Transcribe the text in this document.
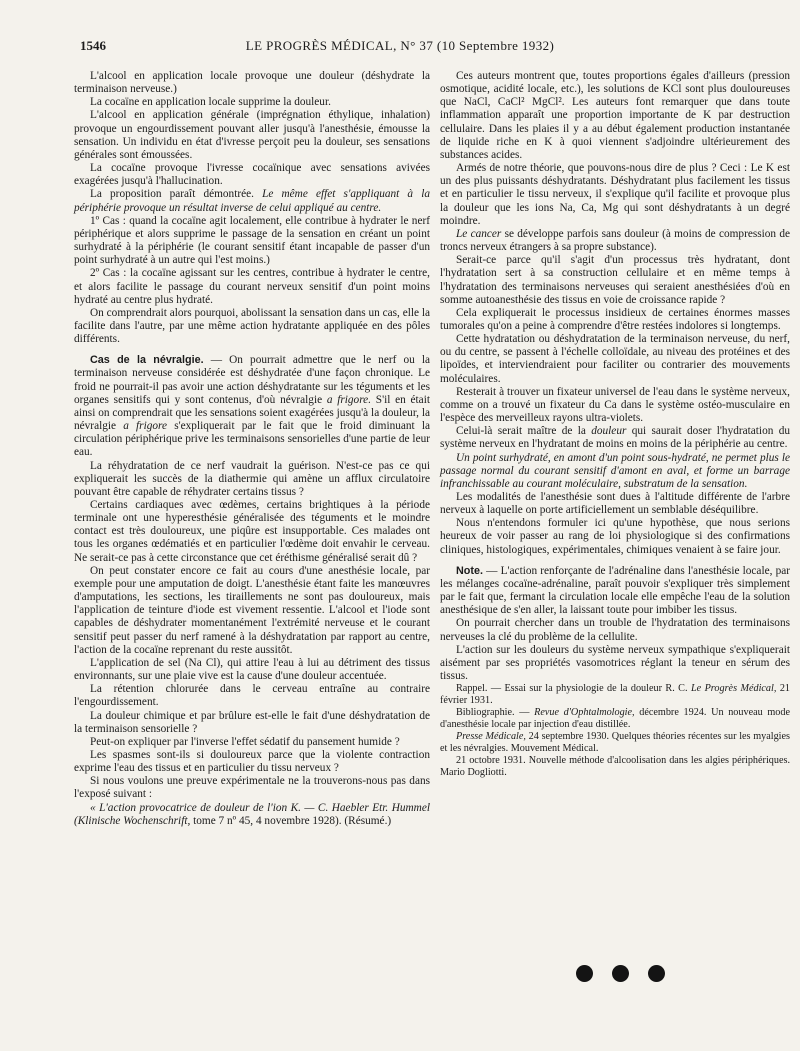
1546	LE PROGRÈS MÉDICAL, N° 37 (10 Septembre 1932)

L'alcool en application locale provoque une douleur (déshydrate la terminaison nerveuse.)

La cocaïne en application locale supprime la douleur.

L'alcool en application générale (imprégnation éthylique, inhalation) provoque un engourdissement pouvant aller jusqu'à l'anesthésie, émousse la sensation. Un individu en état d'ivresse perçoit peu la douleur, ses sensations générales sont émoussées.

La cocaïne provoque l'ivresse cocaïnique avec sensations avivées exagérées jusqu'à l'hallucination.

La proposition paraît démontrée. Le même effet s'appliquant à la périphérie provoque un résultat inverse de celui appliqué au centre.

1º Cas : quand la cocaïne agit localement, elle contribue à hydrater le nerf périphérique et alors supprime le passage de la sensation en créant un point surhydraté à la périphérie (le courant sensitif étant incapable de passer d'un point surhydraté à un autre qui l'est moins.)

2º Cas : la cocaïne agissant sur les centres, contribue à hydrater le centre, et alors facilite le passage du courant nerveux sensitif d'un point moins hydraté au centre plus hydraté.

On comprendrait alors pourquoi, abolissant la sensation dans un cas, elle la facilite dans l'autre, par une même action hydratante appliquée en des pôles différents.

Cas de la névralgie. — On pourrait admettre que le nerf ou la terminaison nerveuse considérée est déshydratée d'une façon chronique. Le froid ne pourrait-il pas avoir une action déshydratante sur les téguments et les organes sensitifs qui y sont contenus, d'où névralgie a frigore. S'il en était ainsi on comprendrait que les sensations soient exagérées jusqu'à la douleur, la névralgie a frigore s'expliquerait par le fait que le froid diminuant la circulation périphérique prive les terminaisons sensorielles d'une partie de leur eau.

La réhydratation de ce nerf vaudrait la guérison. N'est-ce pas ce qui expliquerait les succès de la diathermie qui amène un afflux circulatoire pouvant être capable de réhydrater certains tissus ?

Certains cardiaques avec œdèmes, certains brightiques à la période terminale ont une hyperesthésie généralisée des téguments et le moindre contact est très douloureux, une piqûre est insupportable. Ces malades ont tous les organes œdématiés et en particulier l'œdème doit envahir le cerveau. Ne serait-ce pas à cette circonstance que cet éréthisme généralisé serait dû ?

On peut constater encore ce fait au cours d'une anesthésie locale, par exemple pour une amputation de doigt. L'anesthésie étant faite les manœuvres d'amputations, les sections, les tiraillements ne sont pas douloureux, mais l'application de teinture d'iode est vivement ressentie. L'alcool et l'iode sont capables de déshydrater momentanément l'extrémité nerveuse et le courant sensitif peut passer du nerf ramené à la déshydratation par rapport au centre, l'action de la cocaïne reprenant du reste aussitôt.

L'application de sel (Na Cl), qui attire l'eau à lui au détriment des tissus environnants, sur une plaie vive est la cause d'une douleur accentuée.

La rétention chlorurée dans le cerveau entraîne au contraire l'engourdissement.

La douleur chimique et par brûlure est-elle le fait d'une déshydratation de la terminaison sensorielle ?

Peut-on expliquer par l'inverse l'effet sédatif du pansement humide ?

Les spasmes sont-ils si douloureux parce que la violente contraction exprime l'eau des tissus et en particulier du tissu nerveux ?

Si nous voulons une preuve expérimentale ne la trouverons-nous pas dans l'exposé suivant :

« L'action provocatrice de douleur de l'ion K. — C. Haebler Etr. Hummel (Klinische Wochenschrift, tome 7 nº 45, 4 novembre 1928). (Résumé.)

Ces auteurs montrent que, toutes proportions égales d'ailleurs (pression osmotique, acidité locale, etc.), les solutions de KCl sont plus douloureuses que NaCl, CaCl² MgCl². Les auteurs font remarquer que dans toute inflammation apparaît une proportion importante de K par destruction cellulaire. Dans les plaies il y a au début également production instantanée de liquide riche en K à quoi viennent s'adjoindre ultérieurement des substances acides.

Armés de notre théorie, que pouvons-nous dire de plus ? Ceci : Le K est un des plus puissants déshydratants. Déshydratant plus facilement les tissus et en particulier le tissu nerveux, il s'explique qu'il facilite et provoque plus la douleur que les ions Na, Ca, Mg qui sont déshydratants à un degré moindre.

Le cancer se développe parfois sans douleur (à moins de compression de troncs nerveux étrangers à sa propre substance).

Serait-ce parce qu'il s'agit d'un processus très hydratant, dont l'hydratation sert à sa construction cellulaire et en même temps à l'hydratation des terminaisons nerveuses qui seraient anesthésiées d'où en somme autoanesthésie des tissus en voie de croissance rapide ?

Cela expliquerait le processus insidieux de certaines énormes masses tumorales qu'on a peine à comprendre d'être restées indolores si longtemps.

Cette hydratation ou déshydratation de la terminaison nerveuse, du nerf, ou du centre, se passent à l'échelle colloïdale, au niveau des protéines et des lipoïdes, et interviendraient pour faciliter ou contrarier des mouvements moléculaires.

Resterait à trouver un fixateur universel de l'eau dans le système nerveux, comme on a trouvé un fixateur du Ca dans le système ostéo-musculaire en l'espèce des merveilleux rayons ultra-violets.

Celui-là serait maître de la douleur qui saurait doser l'hydratation du système nerveux en l'hydratant de moins en moins de la périphérie au centre.

Un point surhydraté, en amont d'un point sous-hydraté, ne permet plus le passage normal du courant sensitif d'amont en aval, et forme un barrage infranchissable au courant moléculaire, substratum de la sensation.

Les modalités de l'anesthésie sont dues à l'altitude différente de l'arbre nerveux à laquelle on porte artificiellement un semblable déséquilibre.

Nous n'entendons formuler ici qu'une hypothèse, que nous serions heureux de voir passer au rang de loi physiologique si des confirmations cliniques, histologiques, expérimentales, chimiques venaient à se faire jour.

Note. — L'action renforçante de l'adrénaline dans l'anesthésie locale, par les mélanges cocaïne-adrénaline, paraît pouvoir s'expliquer très simplement par le fait que, fermant la circulation locale elle empêche l'eau de la solution anesthésique de s'en aller, la laissant toute pour imbiber les tissus.

On pourrait chercher dans un trouble de l'hydratation des terminaisons nerveuses la clé du problème de la cellulite.

L'action sur les douleurs du système nerveux sympathique s'expliquerait aisément par ses propriétés vasomotrices réglant la teneur en sérum des tissus.

Rappel. — Essai sur la physiologie de la douleur R. C. Le Progrès Médical, 21 février 1931.

Bibliographie. — Revue d'Ophtalmologie, décembre 1924. Un nouveau mode d'anesthésie locale par injection d'eau distillée.

Presse Médicale, 24 septembre 1930. Quelques théories récentes sur les myalgies et les névralgies. Mouvement Médical.

21 octobre 1931. Nouvelle méthode d'alcoolisation dans les algies périphériques. Mario Dogliotti.
